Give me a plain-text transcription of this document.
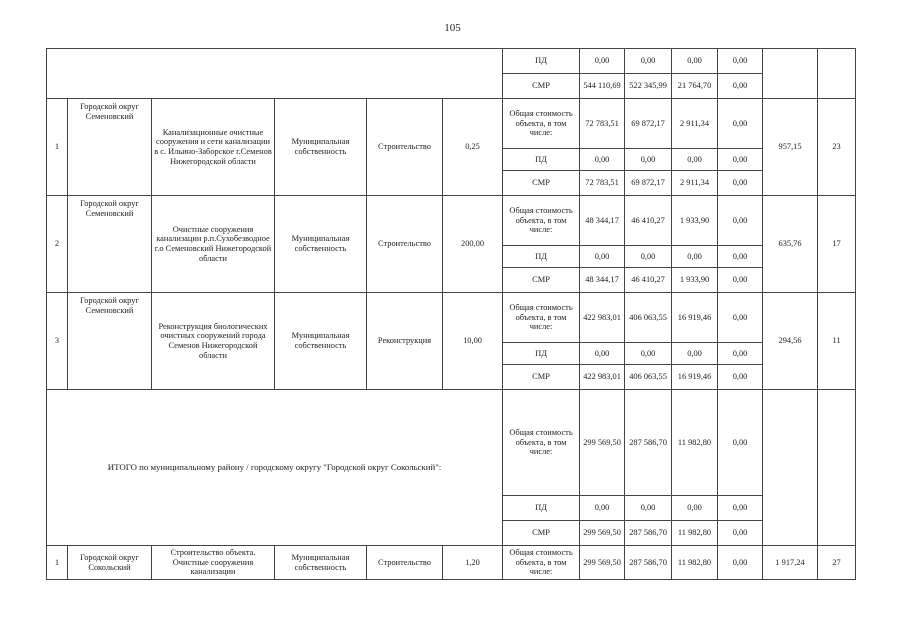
105
						ПД	0,00	0,00	0,00	0,00		
						СМР	544 110,69	522 345,99	21 764,70	0,00		
1	Городской округ Семеновский	Канализационные очистные сооружения и сети канализации в с. Ильино-Заборское г.Семенов Нижегородской области	Муниципальная собственность	Строительство	0,25	Общая стоимость объекта, в том числе:	72 783,51	69 872,17	2 911,34	0,00	957,15	23
						ПД	0,00	0,00	0,00	0,00		
						СМР	72 783,51	69 872,17	2 911,34	0,00		
2	Городской округ Семеновский	Очистные сооружения канализации р.п.Сухобезводное г.о Семеновский Нижегородской области	Муниципальная собственность	Строительство	200,00	Общая стоимость объекта, в том числе:	48 344,17	46 410,27	1 933,90	0,00	635,76	17
						ПД	0,00	0,00	0,00	0,00		
						СМР	48 344,17	46 410,27	1 933,90	0,00		
3	Городской округ Семеновский	Реконструкция биологических очистных сооружений города Семенов Нижегородской области	Муниципальная собственность	Реконструкция	10,00	Общая стоимость объекта, в том числе:	422 983,01	406 063,55	16 919,46	0,00	294,56	11
						ПД	0,00	0,00	0,00	0,00		
						СМР	422 983,01	406 063,55	16 919,46	0,00		
ИТОГО по муниципальному району / городскому округу "Городской округ Сокольский":						Общая стоимость объекта, в том числе:	299 569,50	287 586,70	11 982,80	0,00		
						ПД	0,00	0,00	0,00	0,00		
						СМР	299 569,50	287 586,70	11 982,80	0,00		
1	Городской округ Сокольский	Строительство объекта. Очистные сооружения канализации	Муниципальная собственность	Строительство	1,20	Общая стоимость объекта, в том числе:	299 569,50	287 586,70	11 982,80	0,00	1 917,24	27
